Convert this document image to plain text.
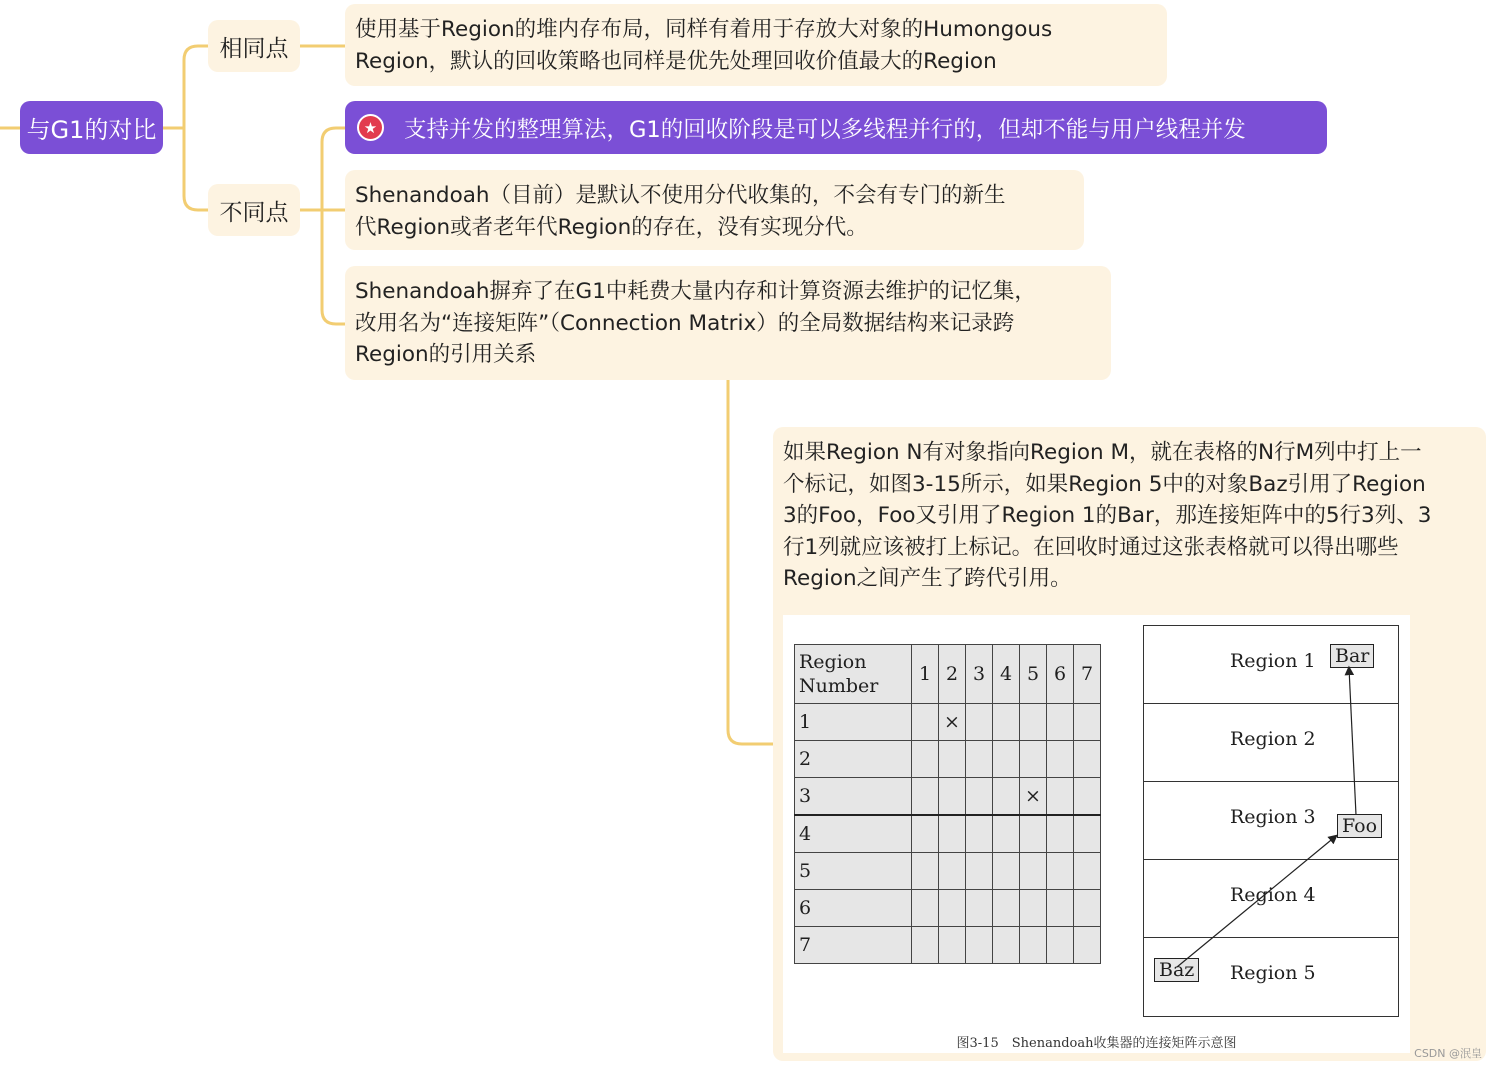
与G1的对比
相同点
使用基于Region的堆内存布局，同样有着用于存放大对象的Humongous
Region，默认的回收策略也同样是优先处理回收价值最大的Region
不同点
★	支持并发的整理算法，G1的回收阶段是可以多线程并行的，但却不能与用户线程并发
Shenandoah（目前）是默认不使用分代收集的，不会有专门的新生
代Region或者老年代Region的存在，没有实现分代。
Shenandoah摒弃了在G1中耗费大量内存和计算资源去维护的记忆集，
改用名为“连接矩阵”（Connection Matrix）的全局数据结构来记录跨
Region的引用关系
如果Region N有对象指向Region M，就在表格的N行M列中打上一
个标记，如图3-15所示，如果Region 5中的对象Baz引用了Region
3的Foo，Foo又引用了Region 1的Bar，那连接矩阵中的5行3列、3
行1列就应该被打上标记。在回收时通过这张表格就可以得出哪些
Region之间产生了跨代引用。
Region
Number	1	2	3	4	5	6	7
1		×					
2							
3					×		
4							
5							
6							
7							
Region 1 Bar
Region 2
Region 3 Foo
Region 4
Region 5
Baz
图3-15　Shenandoah收集器的连接矩阵示意图
CSDN @泯皇
